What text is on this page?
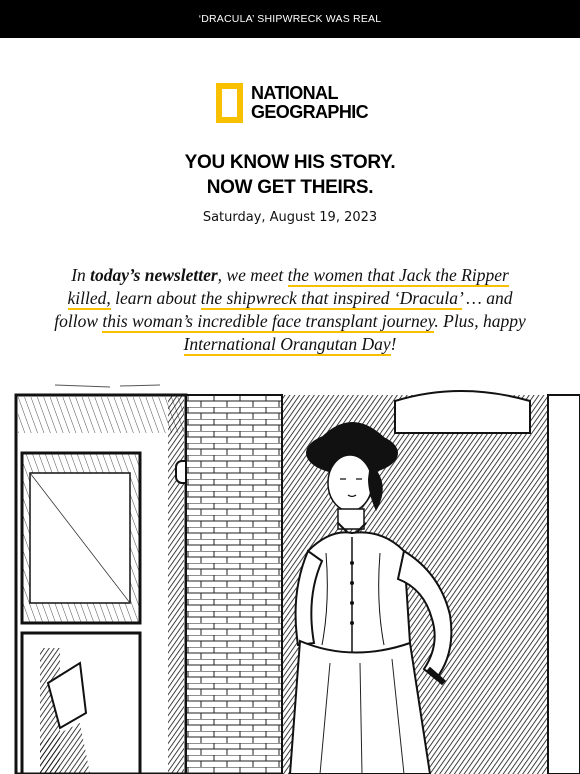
‘DRACULA’ SHIPWRECK WAS REAL
NATIONAL
GEOGRAPHIC
YOU KNOW HIS STORY.
NOW GET THEIRS.
Saturday, August 19, 2023
In today’s newsletter, we meet the women that Jack the Ripper killed, learn about the shipwreck that inspired ‘Dracula’ … and follow this woman’s incredible face transplant journey. Plus, happy International Orangutan Day!
